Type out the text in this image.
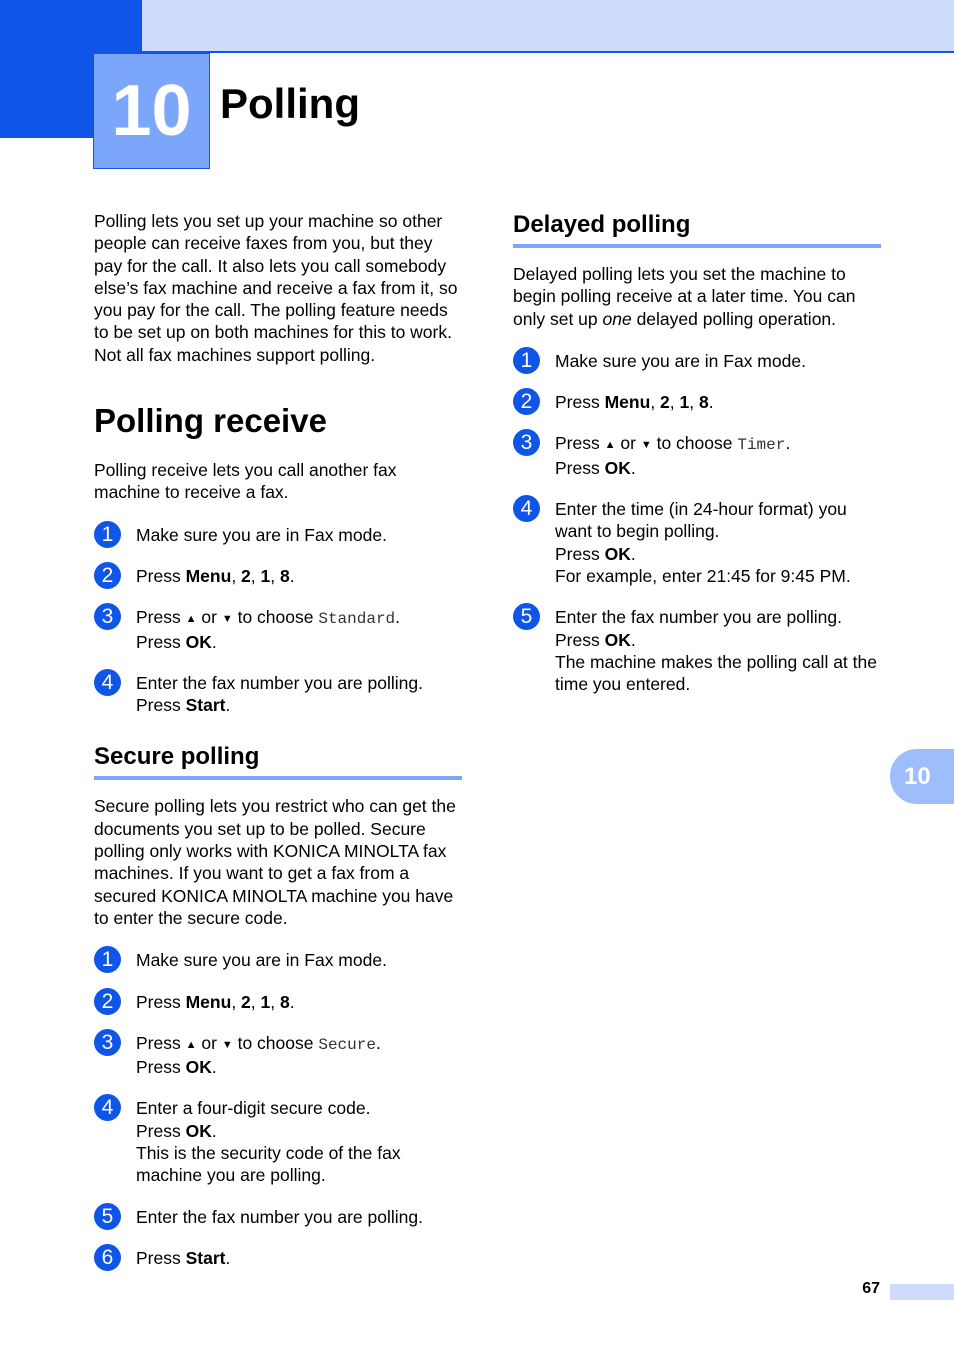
10 Polling

Polling lets you set up your machine so other people can receive faxes from you, but they pay for the call. It also lets you call somebody else’s fax machine and receive a fax from it, so you pay for the call. The polling feature needs to be set up on both machines for this to work. Not all fax machines support polling.

Polling receive

Polling receive lets you call another fax machine to receive a fax.

1	Make sure you are in Fax mode.
2	Press Menu, 2, 1, 8.
3	Press ▲ or ▼ to choose Standard.
Press OK.
4	Enter the fax number you are polling.
Press Start.
Secure polling

Secure polling lets you restrict who can get the documents you set up to be polled. Secure polling only works with KONICA MINOLTA fax machines. If you want to get a fax from a secured KONICA MINOLTA machine you have to enter the secure code.

1	Make sure you are in Fax mode.
2	Press Menu, 2, 1, 8.
3	Press ▲ or ▼ to choose Secure.
Press OK.
4	Enter a four-digit secure code.
Press OK.
This is the security code of the fax machine you are polling.
5	Enter the fax number you are polling.
6	Press Start.
Delayed polling

Delayed polling lets you set the machine to begin polling receive at a later time. You can only set up one delayed polling operation.

1	Make sure you are in Fax mode.
2	Press Menu, 2, 1, 8.
3	Press ▲ or ▼ to choose Timer.
Press OK.
4	Enter the time (in 24-hour format) you want to begin polling.
Press OK.
For example, enter 21:45 for 9:45 PM.
5	Enter the fax number you are polling.
Press OK.
The machine makes the polling call at the time you entered.
10
67
